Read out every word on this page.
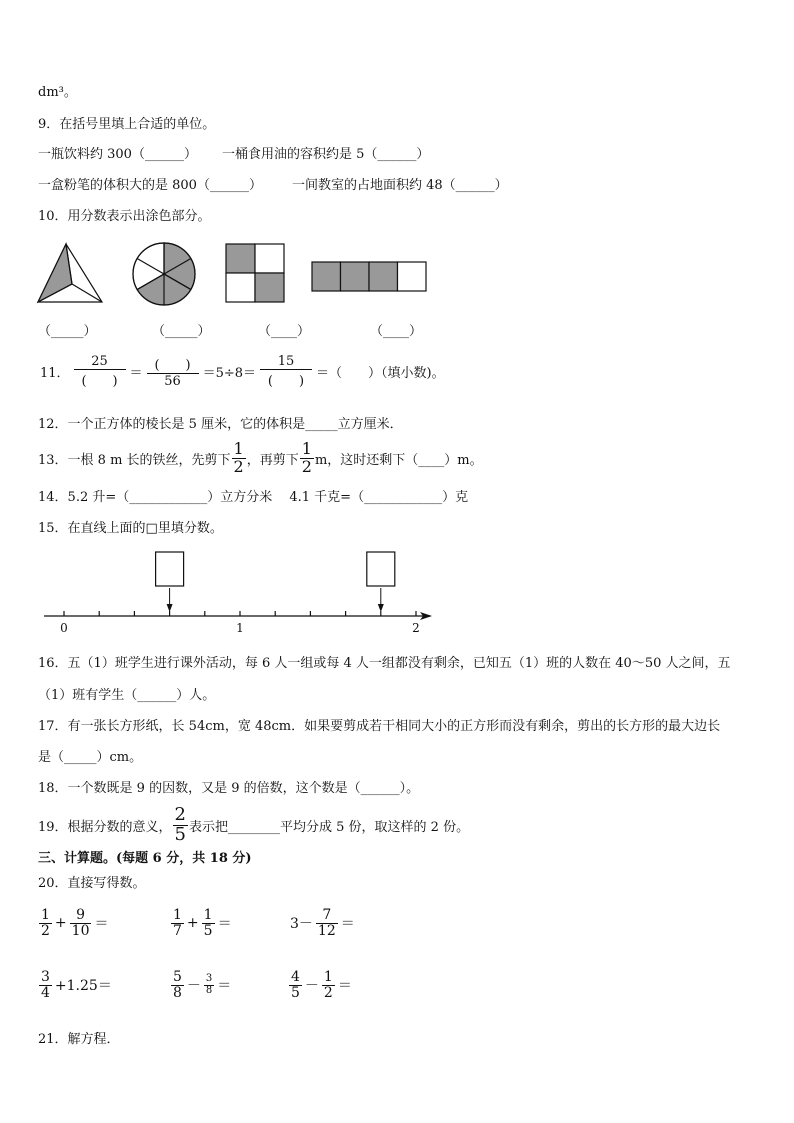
dm³。
9．在括号里填上合适的单位。
一瓶饮料约 300（______） 一桶食用油的容积约是 5（______）
一盒粉笔的体积大的是 800（______） 一间教室的占地面积约 48（______）
10．用分数表示出涂色部分。
（_____）	（_____）	（____）	（____）
11．
25
(　　)
＝
(　　)
56
＝5÷8＝
15
(　　)
＝（　　）（填小数)。
12．一个正方体的棱长是 5 厘米，它的体积是_____立方厘米．
13．一根 8 m 长的铁丝，先剪下 $\frac{1}{2}$ ，再剪下 $\frac{1}{2}$ m，这时还剩下（____）m。
14．5.2 升=（____________）立方分米　 4.1 千克=（____________）克
15．在直线上面的□里填分数。
0	1	2
16．五（1）班学生进行课外活动，每 6 人一组或每 4 人一组都没有剩余，已知五（1）班的人数在 40～50 人之间，五
（1）班有学生（______）人。
17．有一张长方形纸，长 54cm，宽 48cm．如果要剪成若干相同大小的正方形而没有剩余，剪出的长方形的最大边长
是（_____）cm。
18．一个数既是 9 的因数，又是 9 的倍数，这个数是（______）。
19．根据分数的意义， $\frac{2}{5}$ 表示把________平均分成 5 份，取这样的 2 份。
三、计算题。(每题 6 分，共 18 分)
20．直接写得数。
$\frac{1}{2} + \frac{9}{10}$ ＝	$\frac{1}{7} + \frac{1}{5}$ ＝	$3- \frac{7}{12}$ ＝
$\frac{3}{4} +1.25=$	$\frac{5}{8} - \frac{3}{8}$ ＝	$\frac{4}{5} - \frac{1}{2}$ ＝
21．解方程．
